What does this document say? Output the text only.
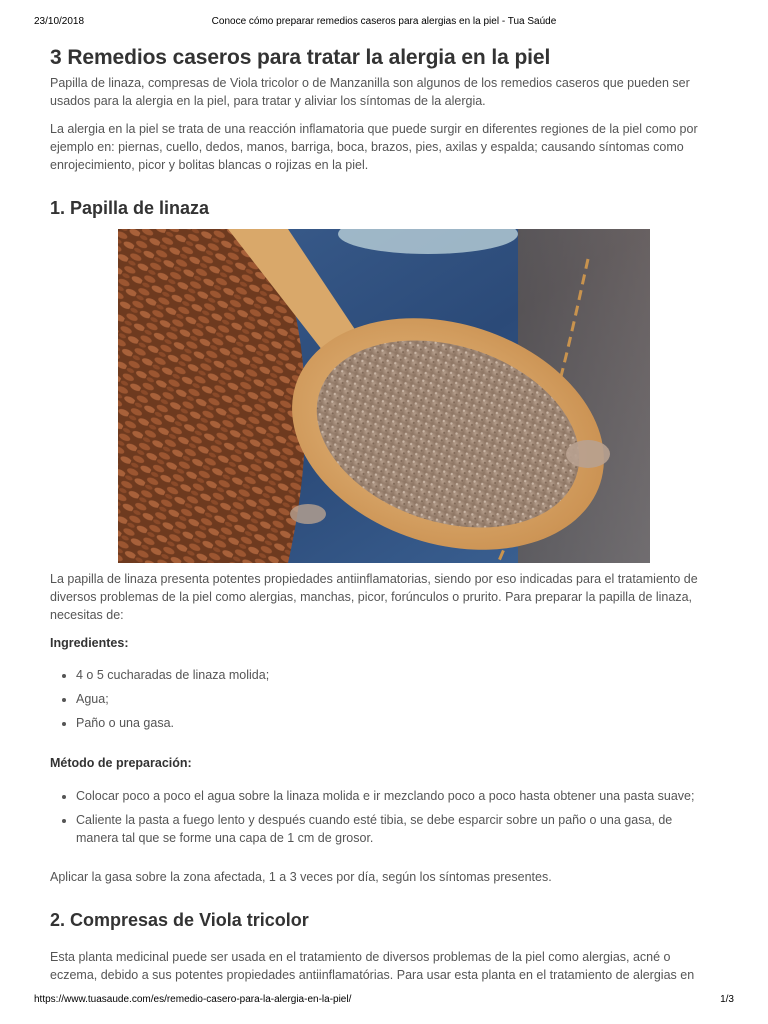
23/10/2018	Conoce cómo preparar remedios caseros para alergias en la piel - Tua Saúde
3 Remedios caseros para tratar la alergia en la piel

Papilla de linaza, compresas de Viola tricolor o de Manzanilla son algunos de los remedios caseros que pueden ser usados para la alergia en la piel, para tratar y aliviar los síntomas de la alergia.

La alergia en la piel se trata de una reacción inflamatoria que puede surgir en diferentes regiones de la piel como por ejemplo en: piernas, cuello, dedos, manos, barriga, boca, brazos, pies, axilas y espalda; causando síntomas como enrojecimiento, picor y bolitas blancas o rojizas en la piel.

1. Papilla de linaza

La papilla de linaza presenta potentes propiedades antiinflamatorias, siendo por eso indicadas para el tratamiento de diversos problemas de la piel como alergias, manchas, picor, forúnculos o prurito. Para preparar la papilla de linaza, necesitas de:

Ingredientes:

• 4 o 5 cucharadas de linaza molida;
• Agua;
• Paño o una gasa.

Método de preparación:

• Colocar poco a poco el agua sobre la linaza molida e ir mezclando poco a poco hasta obtener una pasta suave;
• Caliente la pasta a fuego lento y después cuando esté tibia, se debe esparcir sobre un paño o una gasa, de manera tal que se forme una capa de 1 cm de grosor.

Aplicar la gasa sobre la zona afectada, 1 a 3 veces por día, según los síntomas presentes.

2. Compresas de Viola tricolor

Esta planta medicinal puede ser usada en el tratamiento de diversos problemas de la piel como alergias, acné o eczema, debido a sus potentes propiedades antiinflamatórias. Para usar esta planta en el tratamiento de alergias en

https://www.tuasaude.com/es/remedio-casero-para-la-alergia-en-la-piel/	1/3
